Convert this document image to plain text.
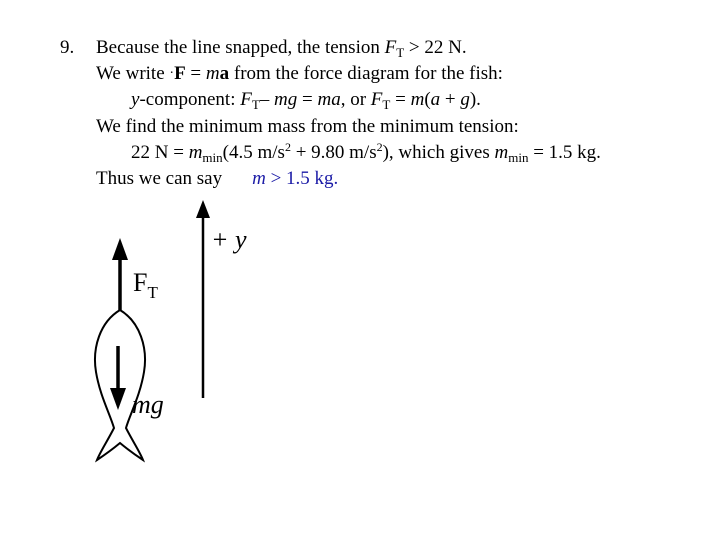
9. Because the line snapped, the tension $F_T > 22$ N.
We write ·F = ma from the force diagram for the fish:
y-component: $F_T-$ mg = ma, or $F_T = m(a + g)$.
We find the minimum mass from the minimum tension:
22 $N = m_{min}(4.5$ $m/s^2 + 9.80$ $m/s^2$), which gives $m_{min} = 1.5$ kg.
Thus we can say m > 1.5 kg.
+ y
$F_T$
mg
